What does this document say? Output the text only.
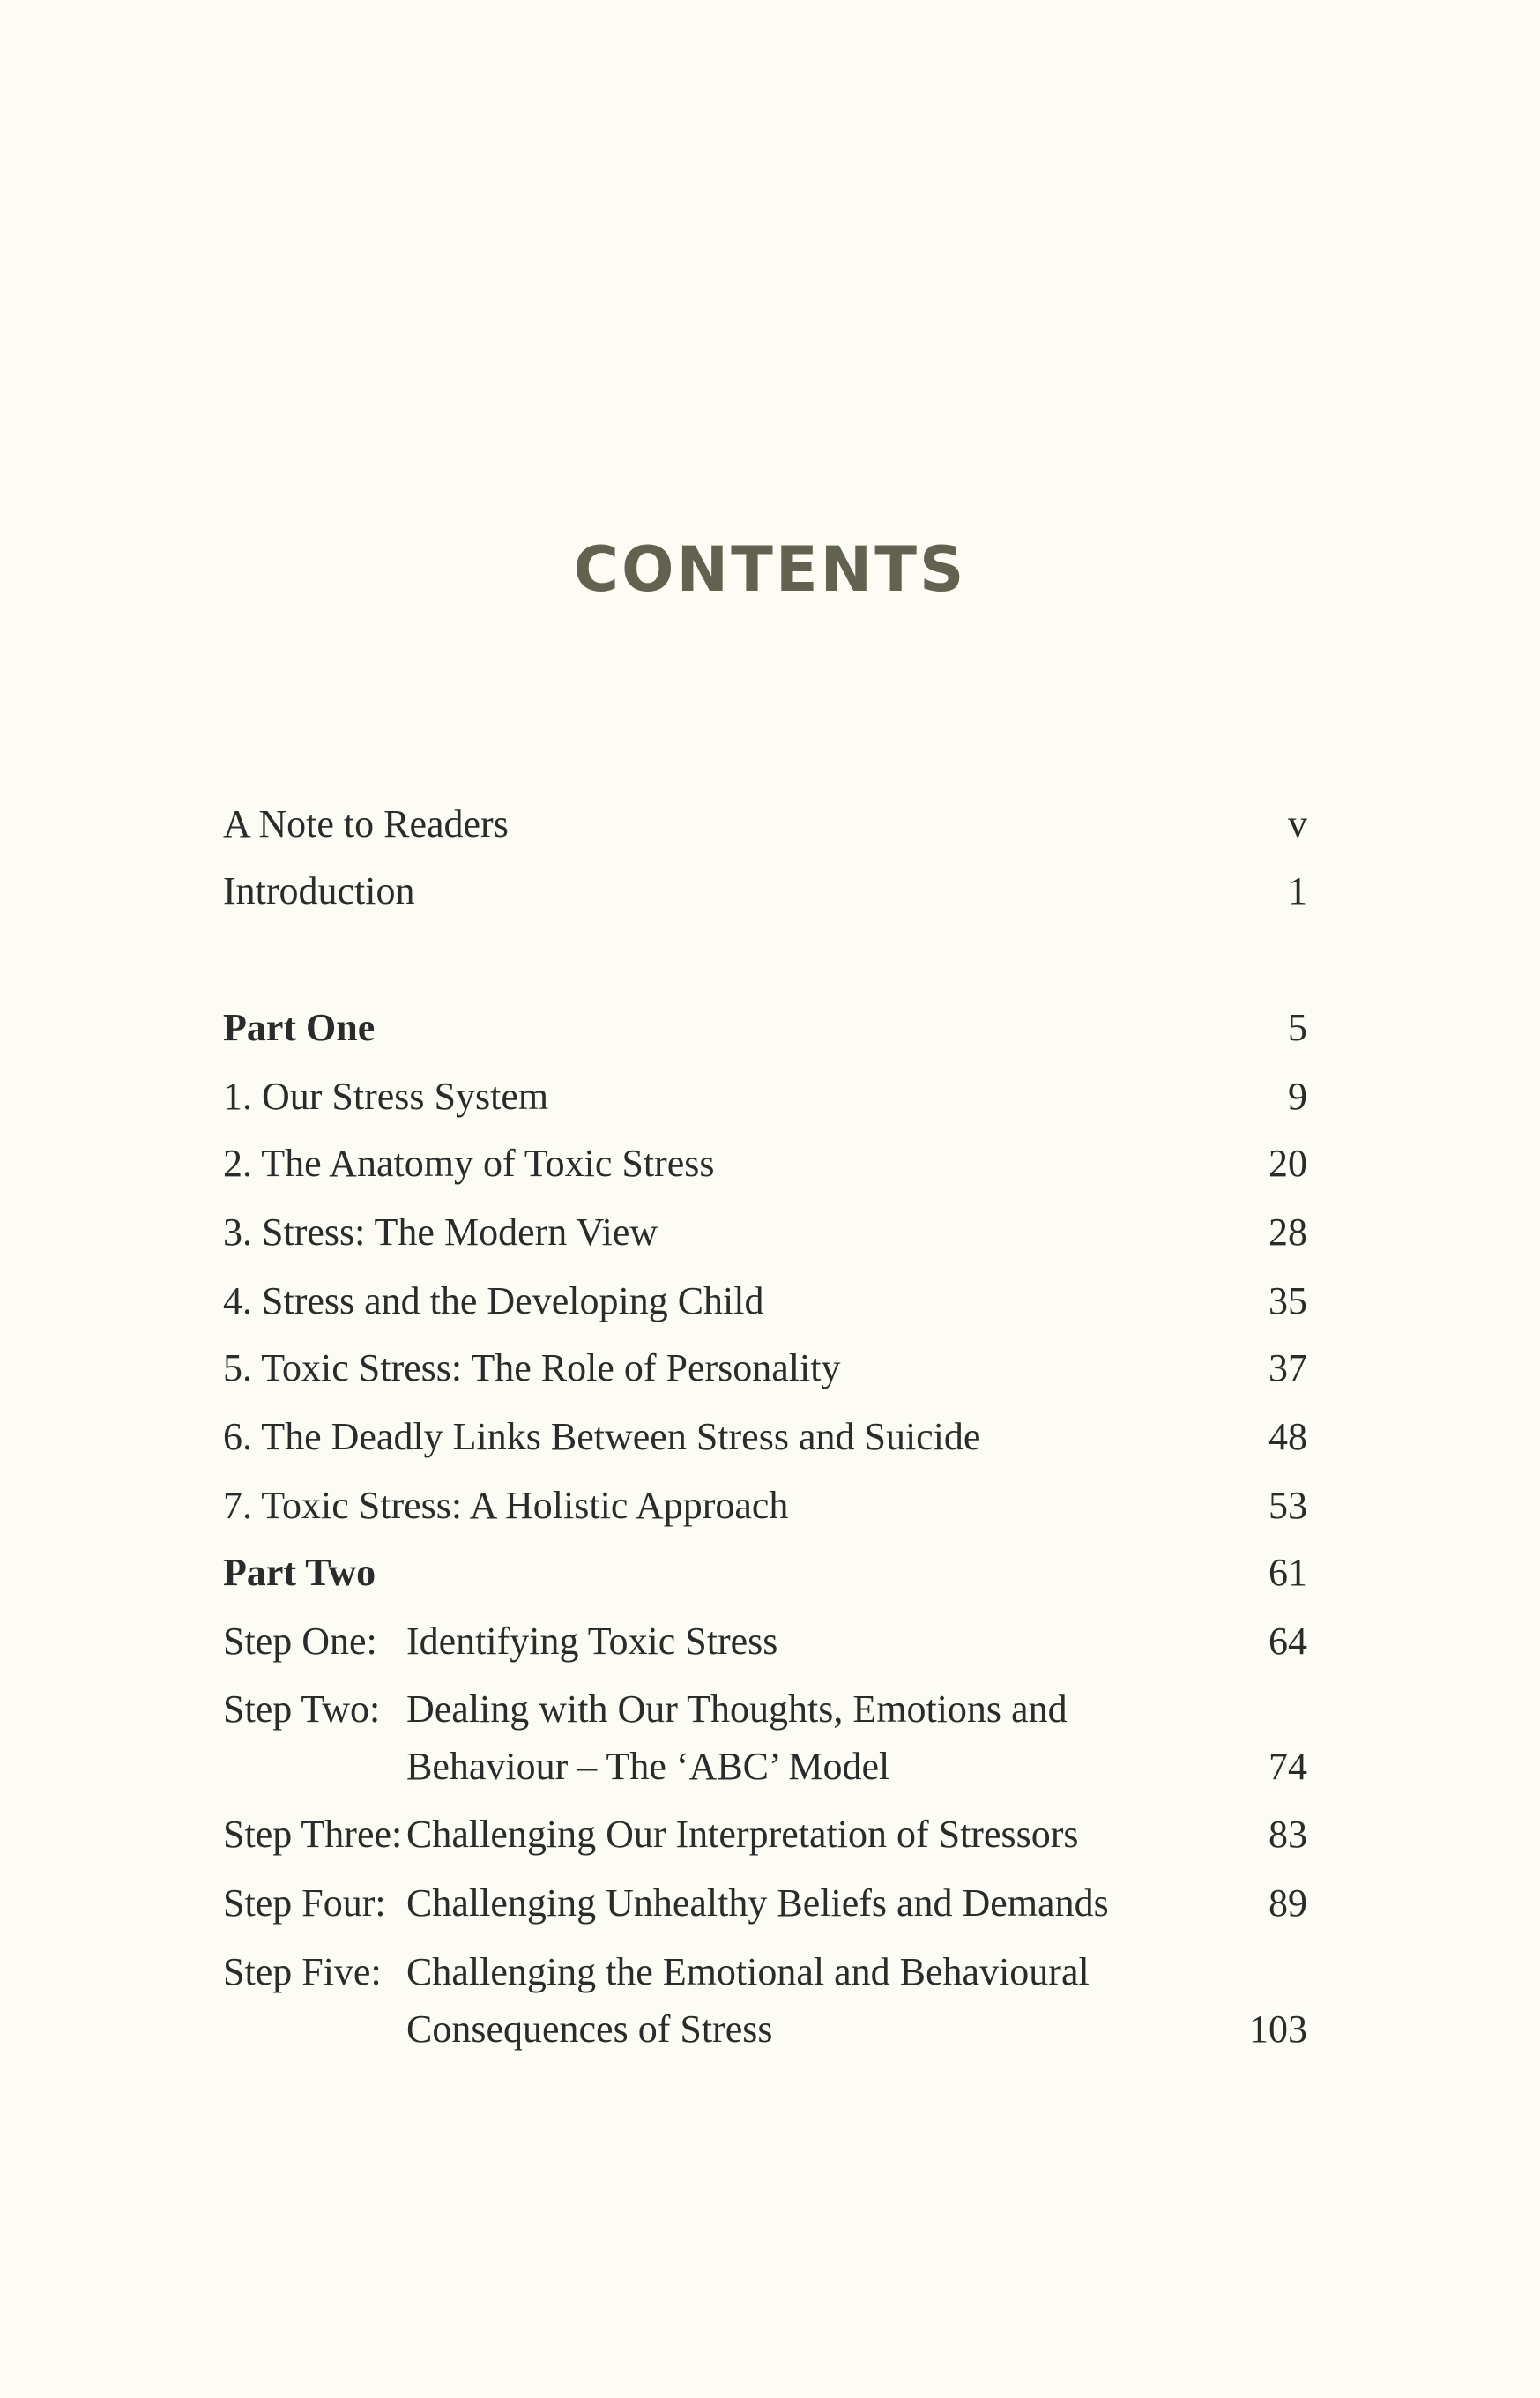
CONTENTS
A Note to Readers	v
Introduction	1
Part One	5
1. Our Stress System	9
2. The Anatomy of Toxic Stress	20
3. Stress: The Modern View	28
4. Stress and the Developing Child	35
5. Toxic Stress: The Role of Personality	37
6. The Deadly Links Between Stress and Suicide	48
7. Toxic Stress: A Holistic Approach	53
Part Two	61
Step One: Identifying Toxic Stress	64
Step Two: Dealing with Our Thoughts, Emotions and
Behaviour – The ‘ABC’ Model	74
Step Three: Challenging Our Interpretation of Stressors	83
Step Four: Challenging Unhealthy Beliefs and Demands	89
Step Five: Challenging the Emotional and Behavioural
Consequences of Stress	103
